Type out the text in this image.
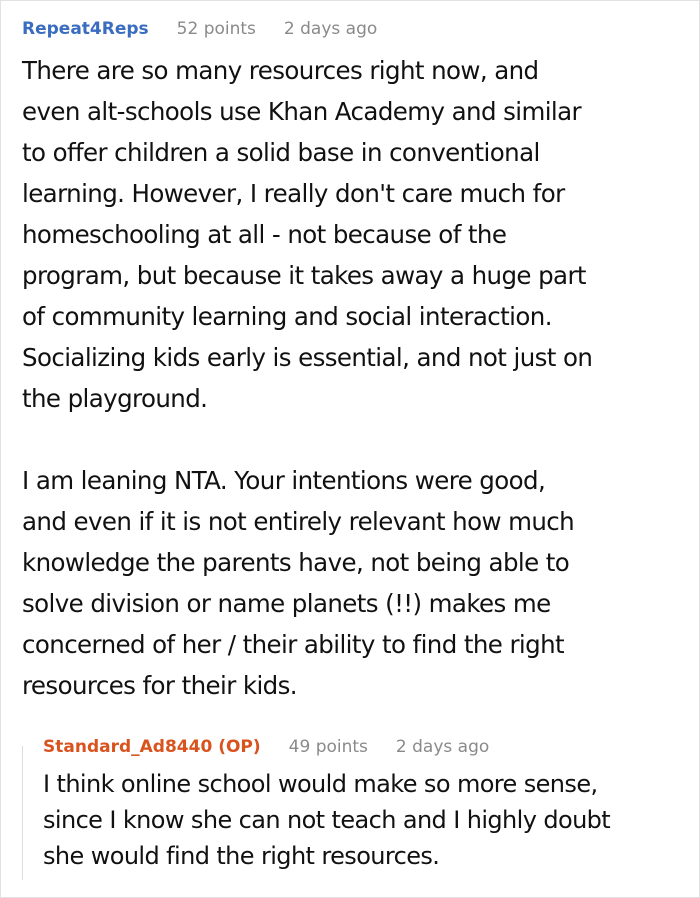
Repeat4Reps 52 points 2 days ago
There are so many resources right now, and
even alt-schools use Khan Academy and similar
to offer children a solid base in conventional
learning. However, I really don't care much for
homeschooling at all - not because of the
program, but because it takes away a huge part
of community learning and social interaction.
Socializing kids early is essential, and not just on
the playground.
I am leaning NTA. Your intentions were good,
and even if it is not entirely relevant how much
knowledge the parents have, not being able to
solve division or name planets (!!) makes me
concerned of her / their ability to find the right
resources for their kids.
Standard_Ad8440 (OP) 49 points 2 days ago
I think online school would make so more sense,
since I know she can not teach and I highly doubt
she would find the right resources.
